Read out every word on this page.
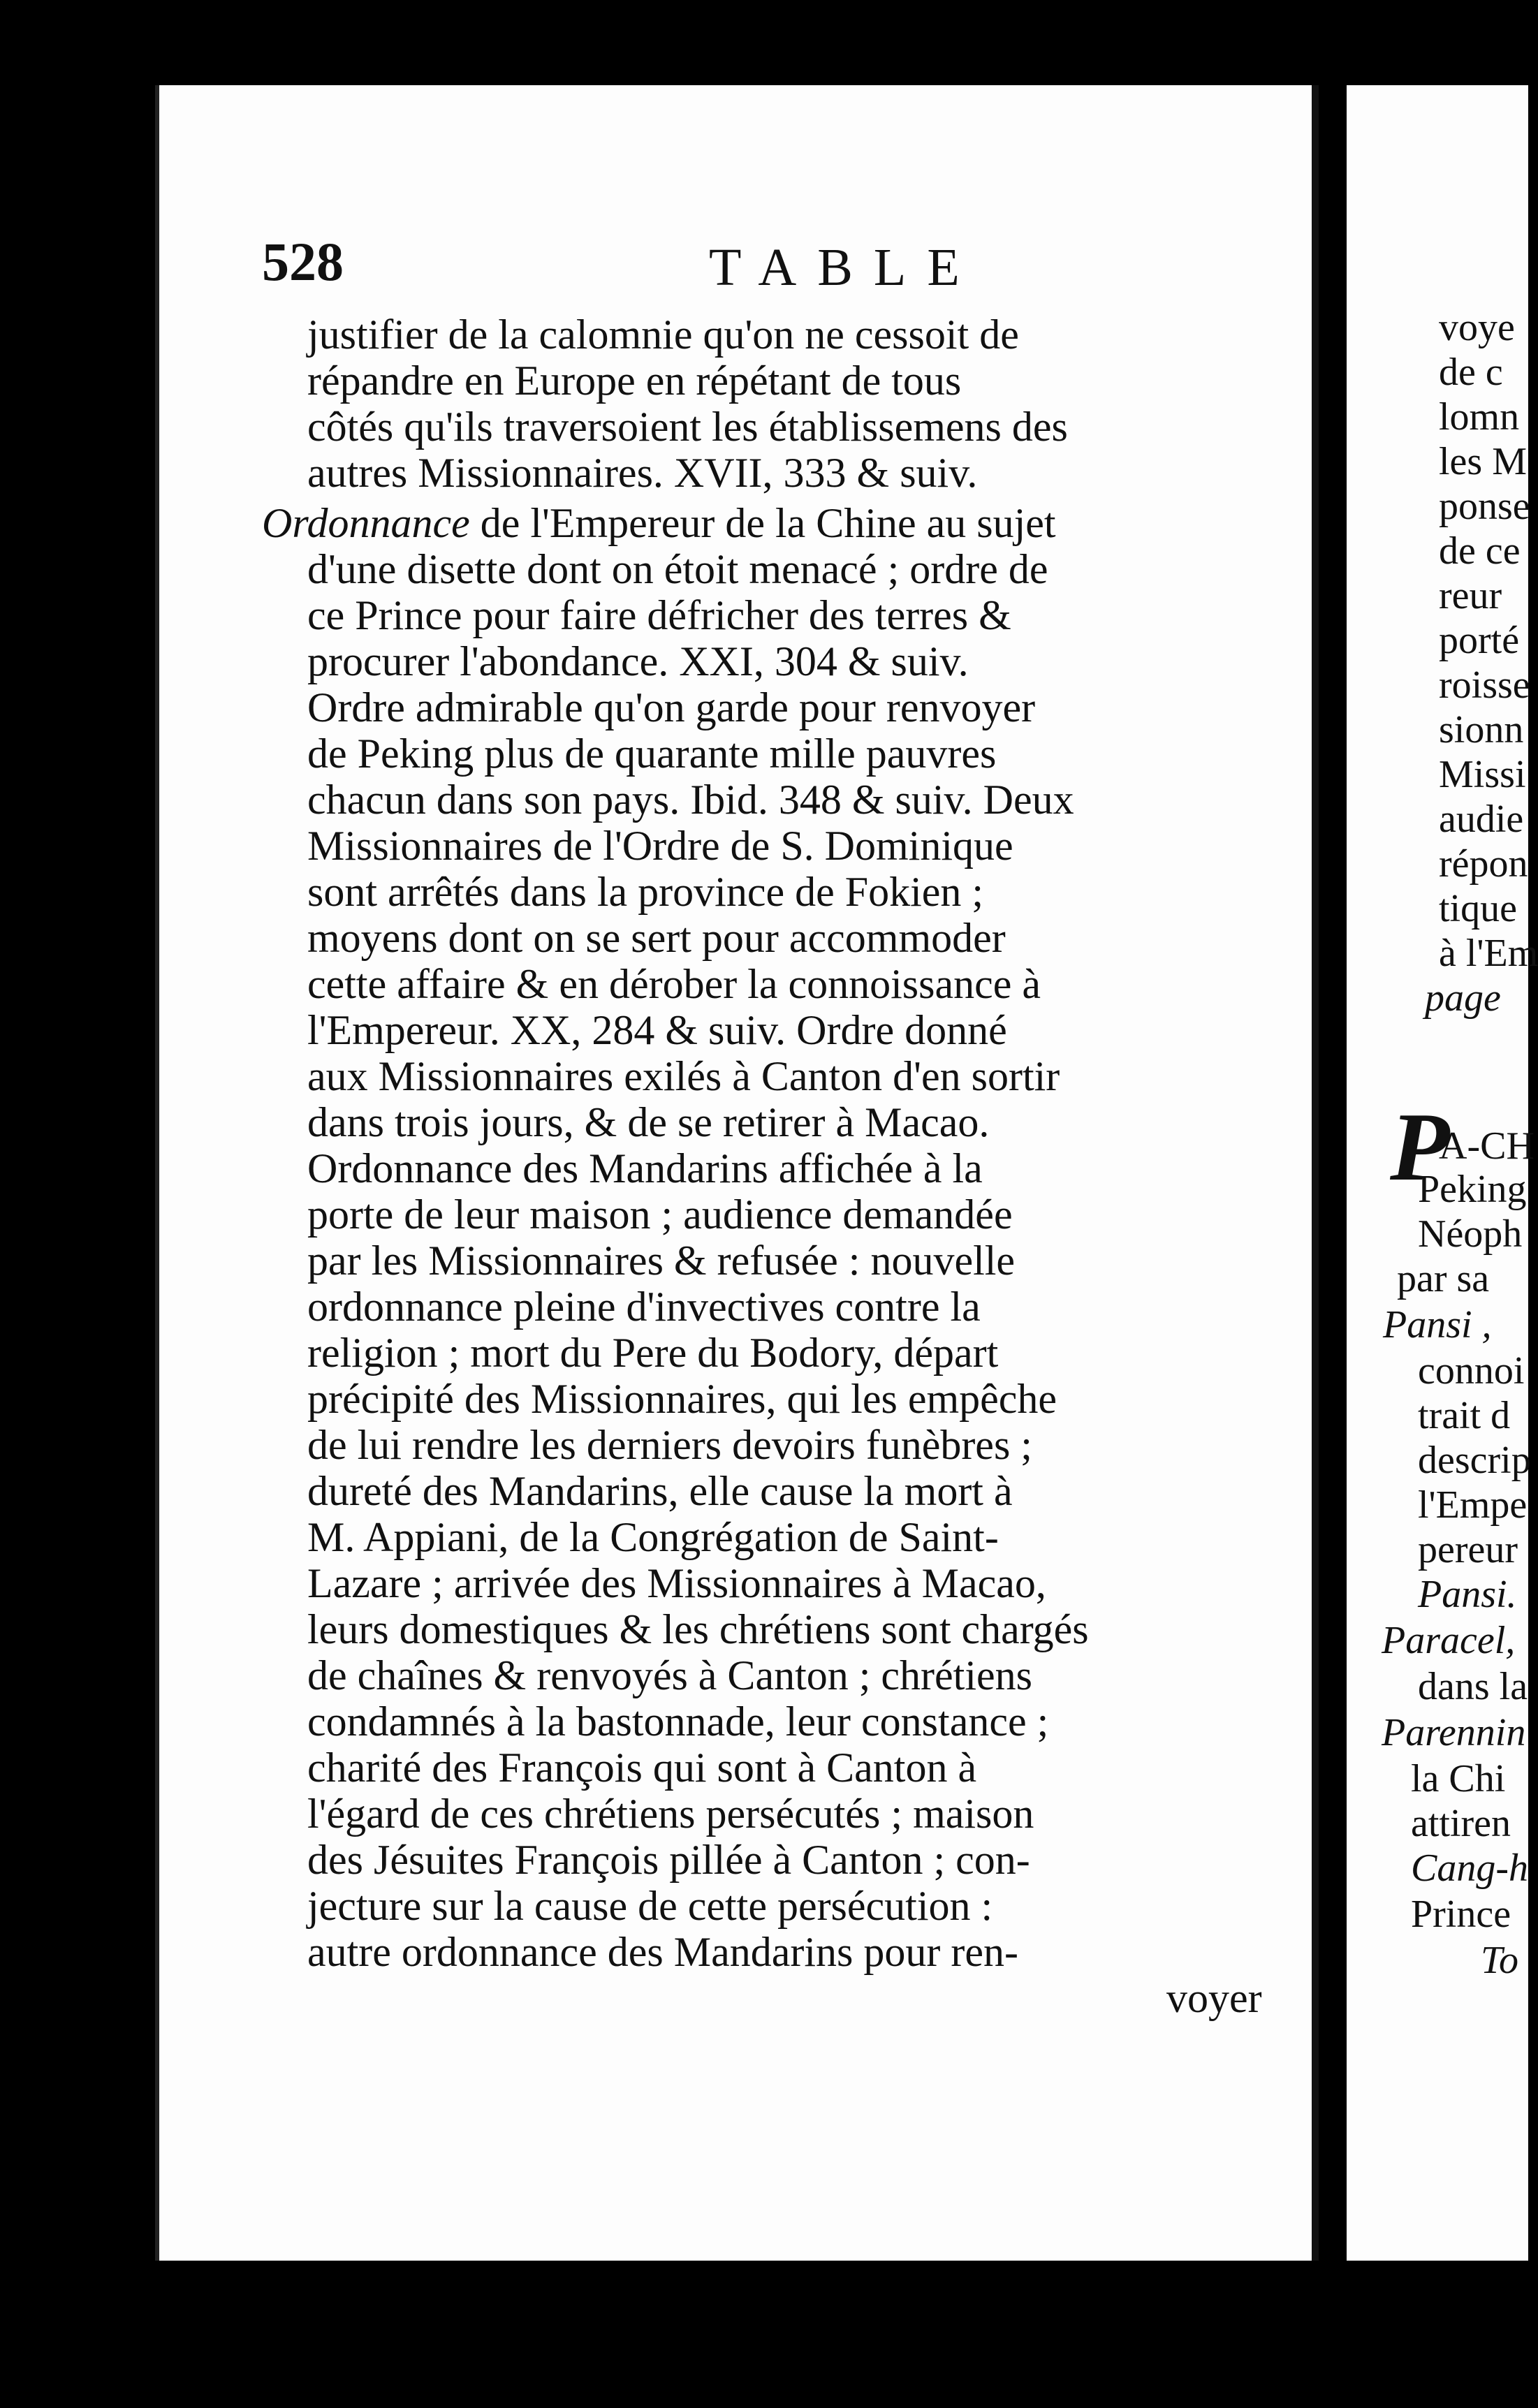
528	TABLE
justifier de la calomnie qu'on ne cessoit de
répandre en Europe en répétant de tous
côtés qu'ils traversoient les établissemens des
autres Missionnaires. XVII, 333 & suiv.
Ordonnance de l'Empereur de la Chine au sujet
d'une disette dont on étoit menacé ; ordre de
ce Prince pour faire défricher des terres &
procurer l'abondance. XXI, 304 & suiv.
Ordre admirable qu'on garde pour renvoyer
de Peking plus de quarante mille pauvres
chacun dans son pays. Ibid. 348 & suiv. Deux
Missionnaires de l'Ordre de S. Dominique
sont arrêtés dans la province de Fokien ;
moyens dont on se sert pour accommoder
cette affaire & en dérober la connoissance à
l'Empereur. XX, 284 & suiv. Ordre donné
aux Missionnaires exilés à Canton d'en sortir
dans trois jours, & de se retirer à Macao.
Ordonnance des Mandarins affichée à la
porte de leur maison ; audience demandée
par les Missionnaires & refusée : nouvelle
ordonnance pleine d'invectives contre la
religion ; mort du Pere du Bodory, départ
précipité des Missionnaires, qui les empêche
de lui rendre les derniers devoirs funèbres ;
dureté des Mandarins, elle cause la mort à
M. Appiani, de la Congrégation de Saint-
Lazare ; arrivée des Missionnaires à Macao,
leurs domestiques & les chrétiens sont chargés
de chaînes & renvoyés à Canton ; chrétiens
condamnés à la bastonnade, leur constance ;
charité des François qui sont à Canton à
l'égard de ces chrétiens persécutés ; maison
des Jésuites François pillée à Canton ; con-
jecture sur la cause de cette persécution :
autre ordonnance des Mandarins pour ren-
voyer
P
voye
de c
lomn
les M
ponse
de ce
reur
porté
roisse
sionn
Missi
audie
répon
tique
à l'Em
page
A-CH
Peking
Néoph
par sa
Pansi ,
connoi
trait d
descrip
l'Empe
pereur
Pansi.
Paracel,
dans la
Parennin
la Chi
attiren
Cang-h
Prince
To
